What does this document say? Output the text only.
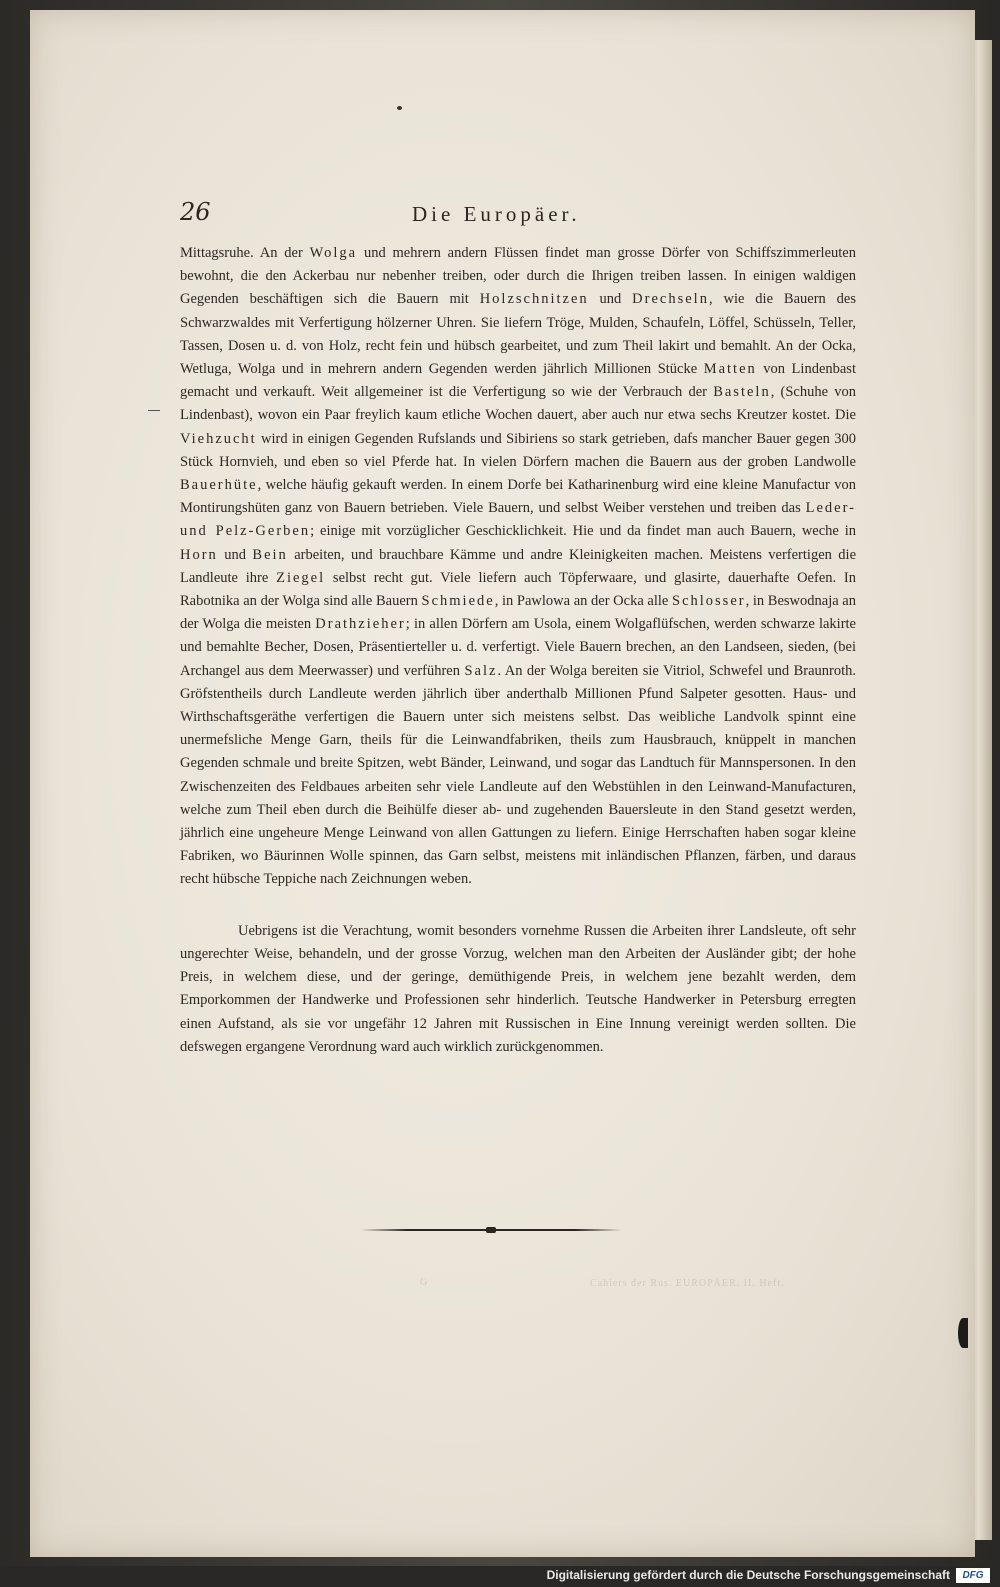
26	Die Europäer.

Mittagsruhe. An der Wolga und mehrern andern Flüssen findet man grosse Dörfer von Schiffszimmerleuten bewohnt, die den Ackerbau nur nebenher treiben, oder durch die Ihrigen treiben lassen. In einigen waldigen Gegenden beschäftigen sich die Bauern mit Holzschnitzen und Drechseln, wie die Bauern des Schwarzwaldes mit Verfertigung hölzerner Uhren. Sie liefern Tröge, Mulden, Schaufeln, Löffel, Schüsseln, Teller, Tassen, Dosen u. d. von Holz, recht fein und hübsch gearbeitet, und zum Theil lakirt und bemahlt. An der Ocka, Wetluga, Wolga und in mehrern andern Gegenden werden jährlich Millionen Stücke Matten von Lindenbast gemacht und verkauft. Weit allgemeiner ist die Verfertigung so wie der Verbrauch der Basteln, (Schuhe von Lindenbast), wovon ein Paar freylich kaum etliche Wochen dauert, aber auch nur etwa sechs Kreutzer kostet. Die Viehzucht wird in einigen Gegenden Rufslands und Sibiriens so stark getrieben, dafs mancher Bauer gegen 300 Stück Hornvieh, und eben so viel Pferde hat. In vielen Dörfern machen die Bauern aus der groben Landwolle Bauerhüte, welche häufig gekauft werden. In einem Dorfe bei Katharinenburg wird eine kleine Manufactur von Montirungshüten ganz von Bauern betrieben. Viele Bauern, und selbst Weiber verstehen und treiben das Leder- und Pelz-Gerben; einige mit vorzüglicher Geschicklichkeit. Hie und da findet man auch Bauern, weche in Horn und Bein arbeiten, und brauchbare Kämme und andre Kleinigkeiten machen. Meistens verfertigen die Landleute ihre Ziegel selbst recht gut. Viele liefern auch Töpferwaare, und glasirte, dauerhafte Oefen. In Rabotnika an der Wolga sind alle Bauern Schmiede, in Pawlowa an der Ocka alle Schlosser, in Beswodnaja an der Wolga die meisten Drathzieher; in allen Dörfern am Usola, einem Wolgaflüfschen, werden schwarze lakirte und bemahlte Becher, Dosen, Präsentierteller u. d. verfertigt. Viele Bauern brechen, an den Landseen, sieden, (bei Archangel aus dem Meerwasser) und verführen Salz. An der Wolga bereiten sie Vitriol, Schwefel und Braunroth. Gröfstentheils durch Landleute werden jährlich über anderthalb Millionen Pfund Salpeter gesotten. Haus- und Wirthschaftsgeräthe verfertigen die Bauern unter sich meistens selbst. Das weibliche Landvolk spinnt eine unermefsliche Menge Garn, theils für die Leinwandfabriken, theils zum Hausbrauch, knüppelt in manchen Gegenden schmale und breite Spitzen, webt Bänder, Leinwand, und sogar das Landtuch für Mannspersonen. In den Zwischenzeiten des Feldbaues arbeiten sehr viele Landleute auf den Webstühlen in den Leinwand-Manufacturen, welche zum Theil eben durch die Beihülfe dieser ab- und zugehenden Bauersleute in den Stand gesetzt werden, jährlich eine ungeheure Menge Leinwand von allen Gattungen zu liefern. Einige Herrschaften haben sogar kleine Fabriken, wo Bäurinnen Wolle spinnen, das Garn selbst, meistens mit inländischen Pflanzen, färben, und daraus recht hübsche Teppiche nach Zeichnungen weben.

Uebrigens ist die Verachtung, womit besonders vornehme Russen die Arbeiten ihrer Landsleute, oft sehr ungerechter Weise, behandeln, und der grosse Vorzug, welchen man den Arbeiten der Ausländer gibt; der hohe Preis, in welchem diese, und der geringe, demüthigende Preis, in welchem jene bezahlt werden, dem Emporkommen der Handwerke und Professionen sehr hinderlich. Teutsche Handwerker in Petersburg erregten einen Aufstand, als sie vor ungefähr 12 Jahren mit Russischen in Eine Innung vereinigt werden sollten. Die defswegen ergangene Verordnung ward auch wirklich zurückgenommen.

Cahiers der Rus. EUROPÄER. II. Heft.
G
Digitalisierung gefördert durch die Deutsche Forschungsgemeinschaft	DFG
